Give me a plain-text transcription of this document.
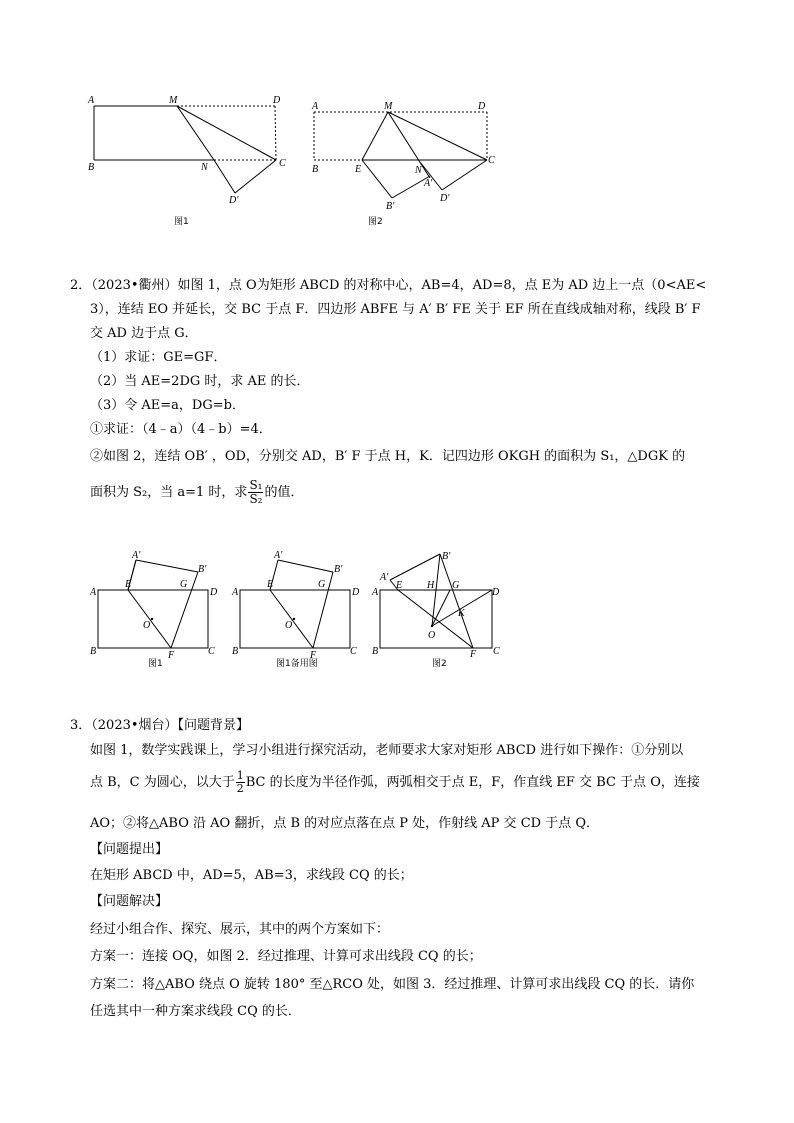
A	M	D
B	N	C
D′
图1
A	M	D
B	E	N
A′
C
B′
D′
图2
2．（2023•衢州）如图 1，点 O为矩形 ABCD 的对称中心，AB=4，AD=8，点 E为 AD 边上一点（0<AE<
3），连结 EO 并延长，交 BC 于点 F．四边形 ABFE 与 A′ B′ FE 关于 EF 所在直线成轴对称，线段 B′ F
交 AD 边于点 G．
（1）求证：GE=GF．
（2）当 AE=2DG 时，求 AE 的长．
（3）令 AE=a，DG=b．
①求证：（4﹣a）（4﹣b）=4．
②如图 2，连结 OB′ ，OD，分别交 AD，B′ F 于点 H，K．记四边形 OKGH 的面积为 S₁，△DGK 的
面积为 S₂，当 a=1 时，求 $\frac{\text{S₁}}{\text{S₂}}$ 的值．
A′
B′
A
E	G
D
O
B	F	C
图1
A′
B′
A
E	G
D
O
B	F	C
图1备用图
A′
B′
A
E H G
D
K
O
B	F C
图2
3．（2023•烟台）【问题背景】
如图 1，数学实践课上，学习小组进行探究活动，老师要求大家对矩形 ABCD 进行如下操作：①分别以
点 B，C 为圆心，以大于 $\frac{1}{2}$ BC 的长度为半径作弧，两弧相交于点 E，F，作直线 EF 交 BC 于点 O，连接
AO；②将△ABO 沿 AO 翻折，点 B 的对应点落在点 P 处，作射线 AP 交 CD 于点 Q．
【问题提出】
在矩形 ABCD 中，AD=5，AB=3，求线段 CQ 的长；
【问题解决】
经过小组合作、探究、展示，其中的两个方案如下：
方案一：连接 OQ，如图 2．经过推理、计算可求出线段 CQ 的长；
方案二：将△ABO 绕点 O 旋转 180° 至△RCO 处，如图 3．经过推理、计算可求出线段 CQ 的长．请你
任选其中一种方案求线段 CQ 的长．
